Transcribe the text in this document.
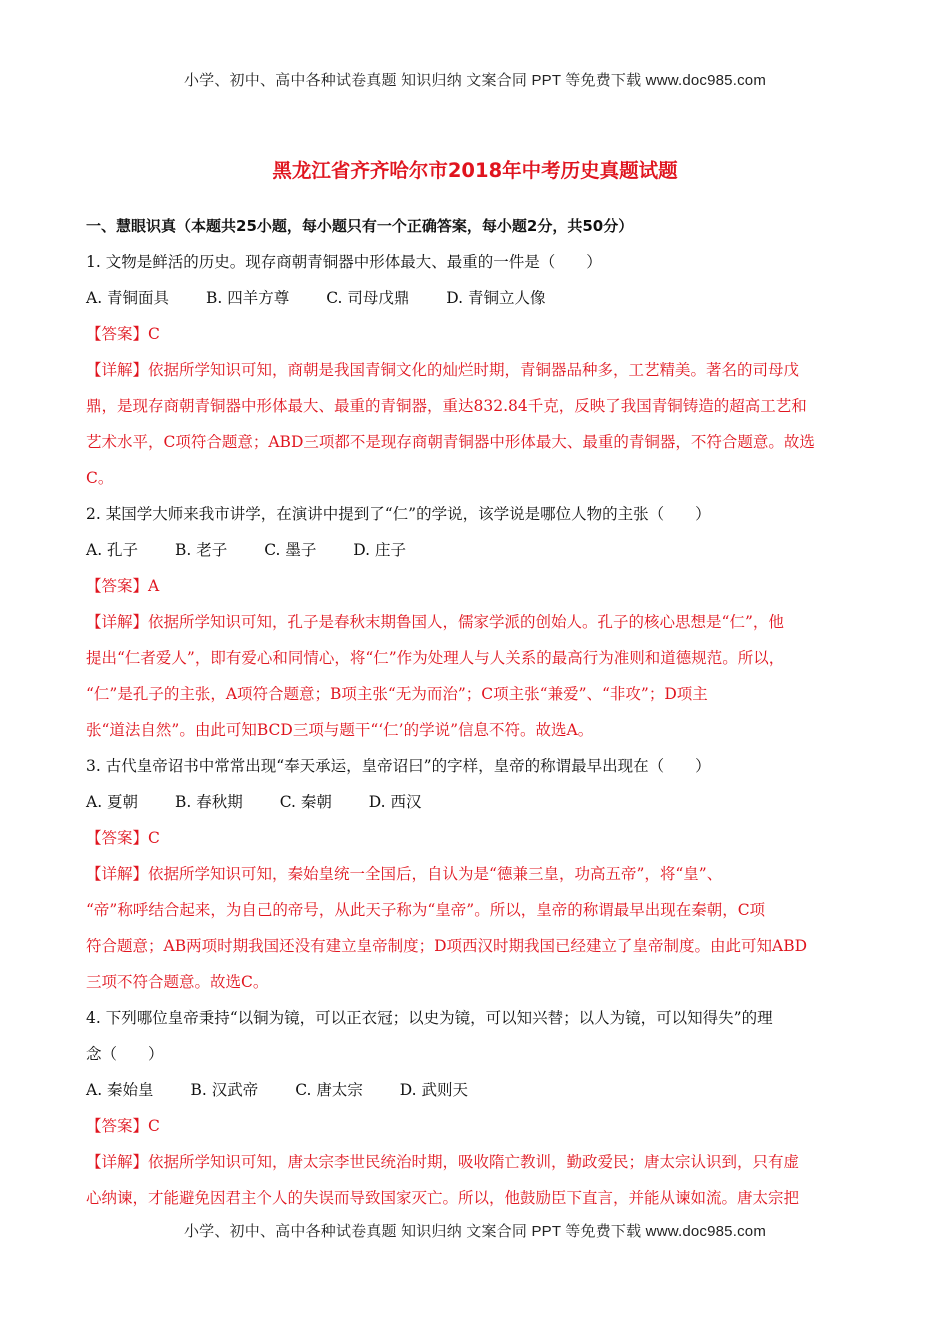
小学、初中、高中各种试卷真题 知识归纳 文案合同 PPT 等免费下载 www.doc985.com
黑龙江省齐齐哈尔市2018年中考历史真题试题
一、慧眼识真（本题共25小题，每小题只有一个正确答案，每小题2分，共50分）
1. 文物是鲜活的历史。现存商朝青铜器中形体最大、最重的一件是（　　）
A. 青铜面具 B. 四羊方尊 C. 司母戊鼎 D. 青铜立人像
【答案】C
【详解】依据所学知识可知，商朝是我国青铜文化的灿烂时期，青铜器品种多，工艺精美。著名的司母戊
鼎，是现存商朝青铜器中形体最大、最重的青铜器，重达832.84千克，反映了我国青铜铸造的超高工艺和
艺术水平，C项符合题意；ABD三项都不是现存商朝青铜器中形体最大、最重的青铜器，不符合题意。故选
C。
2. 某国学大师来我市讲学，在演讲中提到了“仁”的学说，该学说是哪位人物的主张（　　）
A. 孔子 B. 老子 C. 墨子 D. 庄子
【答案】A
【详解】依据所学知识可知，孔子是春秋末期鲁国人，儒家学派的创始人。孔子的核心思想是“仁”，他
提出“仁者爱人”，即有爱心和同情心，将“仁”作为处理人与人关系的最高行为准则和道德规范。所以，
“仁”是孔子的主张，A项符合题意；B项主张“无为而治”；C项主张“兼爱”、“非攻”；D项主
张“道法自然”。由此可知BCD三项与题干“‘仁’的学说”信息不符。故选A。
3. 古代皇帝诏书中常常出现“奉天承运，皇帝诏曰”的字样，皇帝的称谓最早出现在（　　）
A. 夏朝 B. 春秋期 C. 秦朝 D. 西汉
【答案】C
【详解】依据所学知识可知，秦始皇统一全国后，自认为是“德兼三皇，功高五帝”，将“皇”、
“帝”称呼结合起来，为自己的帝号，从此天子称为“皇帝”。所以，皇帝的称谓最早出现在秦朝，C项
符合题意；AB两项时期我国还没有建立皇帝制度；D项西汉时期我国已经建立了皇帝制度。由此可知ABD
三项不符合题意。故选C。
4. 下列哪位皇帝秉持“以铜为镜，可以正衣冠；以史为镜，可以知兴替；以人为镜，可以知得失”的理
念（　　）
A. 秦始皇 B. 汉武帝 C. 唐太宗 D. 武则天
【答案】C
【详解】依据所学知识可知，唐太宗李世民统治时期，吸收隋亡教训，勤政爱民；唐太宗认识到，只有虚
心纳谏，才能避免因君主个人的失误而导致国家灭亡。所以，他鼓励臣下直言，并能从谏如流。唐太宗把
小学、初中、高中各种试卷真题 知识归纳 文案合同 PPT 等免费下载 www.doc985.com
